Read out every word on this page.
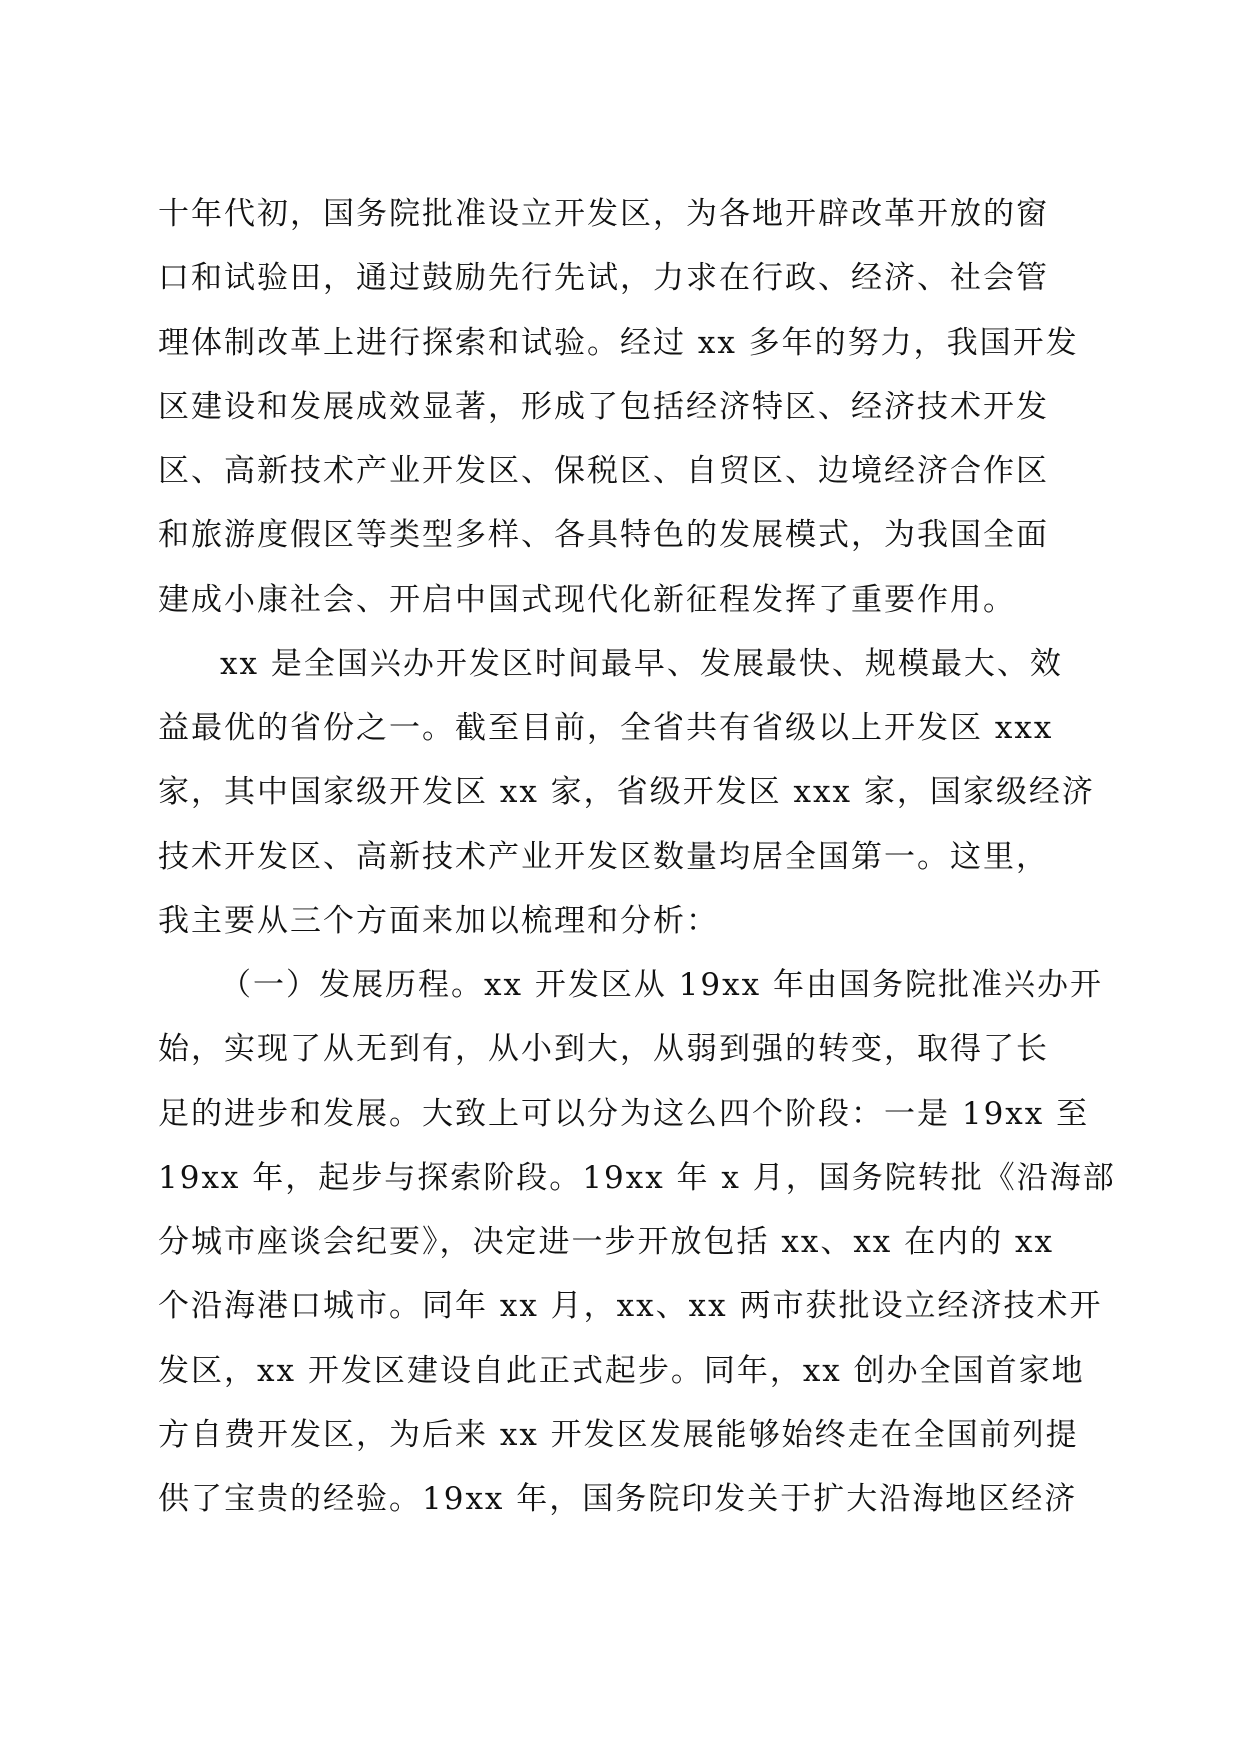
十年代初，国务院批准设立开发区，为各地开辟改革开放的窗
口和试验田，通过鼓励先行先试，力求在行政、经济、社会管
理体制改革上进行探索和试验。经过 xx 多年的努力，我国开发
区建设和发展成效显著，形成了包括经济特区、经济技术开发
区、高新技术产业开发区、保税区、自贸区、边境经济合作区
和旅游度假区等类型多样、各具特色的发展模式，为我国全面
建成小康社会、开启中国式现代化新征程发挥了重要作用。
xx 是全国兴办开发区时间最早、发展最快、规模最大、效
益最优的省份之一。截至目前，全省共有省级以上开发区 xxx
家，其中国家级开发区 xx 家，省级开发区 xxx 家，国家级经济
技术开发区、高新技术产业开发区数量均居全国第一。这里，
我主要从三个方面来加以梳理和分析：
（一）发展历程。xx 开发区从 19xx 年由国务院批准兴办开
始，实现了从无到有，从小到大，从弱到强的转变，取得了长
足的进步和发展。大致上可以分为这么四个阶段：一是 19xx 至
19xx 年，起步与探索阶段。19xx 年 x 月，国务院转批《沿海部
分城市座谈会纪要》，决定进一步开放包括 xx、xx 在内的 xx
个沿海港口城市。同年 xx 月，xx、xx 两市获批设立经济技术开
发区，xx 开发区建设自此正式起步。同年，xx 创办全国首家地
方自费开发区，为后来 xx 开发区发展能够始终走在全国前列提
供了宝贵的经验。19xx 年，国务院印发关于扩大沿海地区经济
